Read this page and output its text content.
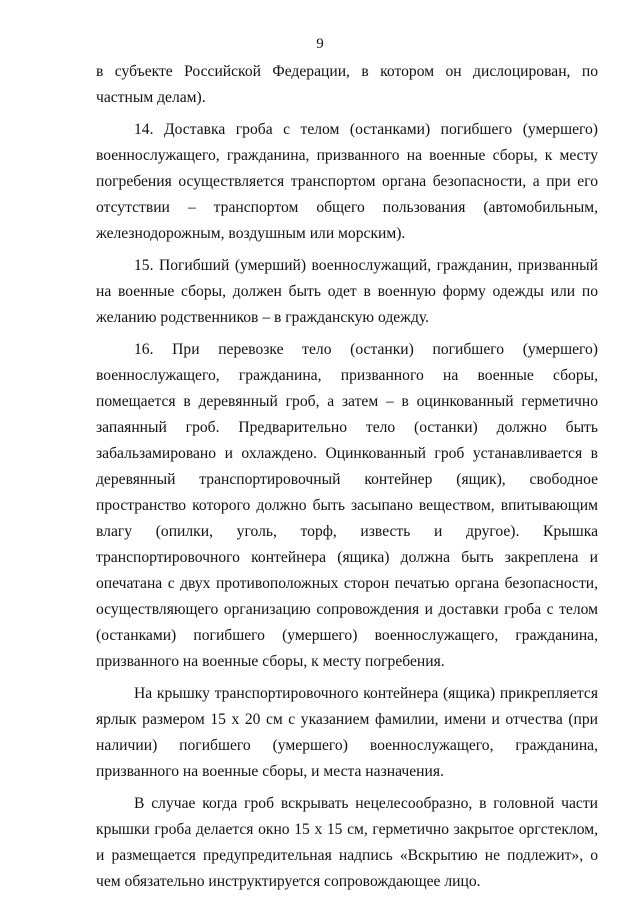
9

в субъекте Российской Федерации, в котором он дислоцирован, по частным делам).

14. Доставка гроба с телом (останками) погибшего (умершего) военнослужащего, гражданина, призванного на военные сборы, к месту погребения осуществляется транспортом органа безопасности, а при его отсутствии – транспортом общего пользования (автомобильным, железнодорожным, воздушным или морским).

15. Погибший (умерший) военнослужащий, гражданин, призванный на военные сборы, должен быть одет в военную форму одежды или по желанию родственников – в гражданскую одежду.

16. При перевозке тело (останки) погибшего (умершего) военнослужащего, гражданина, призванного на военные сборы, помещается в деревянный гроб, а затем – в оцинкованный герметично запаянный гроб. Предварительно тело (останки) должно быть забальзамировано и охлаждено. Оцинкованный гроб устанавливается в деревянный транспортировочный контейнер (ящик), свободное пространство которого должно быть засыпано веществом, впитывающим влагу (опилки, уголь, торф, известь и другое). Крышка транспортировочного контейнера (ящика) должна быть закреплена и опечатана с двух противоположных сторон печатью органа безопасности, осуществляющего организацию сопровождения и доставки гроба с телом (останками) погибшего (умершего) военнослужащего, гражданина, призванного на военные сборы, к месту погребения.

На крышку транспортировочного контейнера (ящика) прикрепляется ярлык размером 15 х 20 см с указанием фамилии, имени и отчества (при наличии) погибшего (умершего) военнослужащего, гражданина, призванного на военные сборы, и места назначения.

В случае когда гроб вскрывать нецелесообразно, в головной части крышки гроба делается окно 15 х 15 см, герметично закрытое оргстеклом, и размещается предупредительная надпись «Вскрытию не подлежит», о чем обязательно инструктируется сопровождающее лицо.
